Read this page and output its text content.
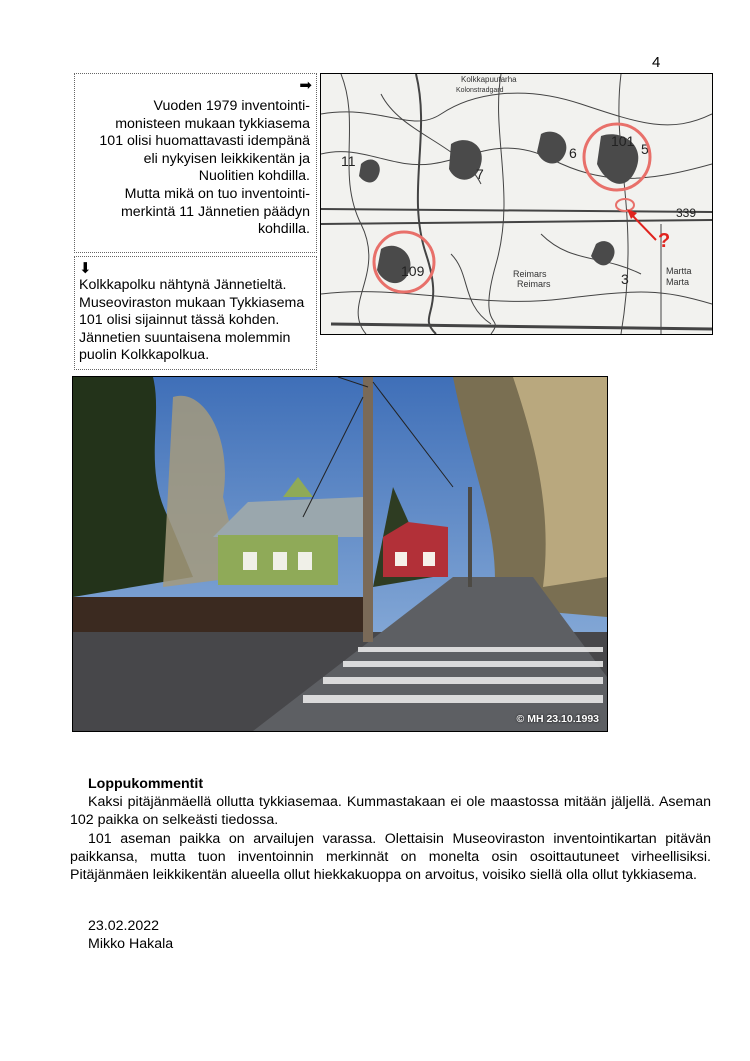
4
➡

Vuoden 1979 inventointi-

monisteen mukaan tykkiasema

101 olisi huomattavasti idempänä

eli nykyisen leikkikentän ja

Nuolitien kohdilla.

Mutta mikä on tuo inventointi-

merkintä 11 Jännetien päädyn

kohdilla.

⬇

Kolkkapolku nähtynä Jännetieltä.

Museoviraston mukaan Tykkiasema

101 olisi sijainnut tässä kohden.

Jännetien suuntaisena molemmin

puolin Kolkkapolkua.

Kolkkapuutarha
Kolonstradgard
101 5
6
7
11
109	3
339
Reimars
Reimars
Martta
Marta
?
© MH 23.10.1993
Loppukommentit

Kaksi pitäjänmäellä ollutta tykkiasemaa. Kummastakaan ei ole maastossa mitään jäljellä. Aseman 102 paikka on selkeästi tiedossa.

101 aseman paikka on arvailujen varassa. Olettaisin Museoviraston inventointikartan pitävän paikkansa, mutta tuon inventoinnin merkinnät on monelta osin osoittautuneet virheellisiksi. Pitäjänmäen leikkikentän alueella ollut hiekkakuoppa on arvoitus, voisiko siellä olla ollut tykkiasema.

23.02.2022
Mikko Hakala
